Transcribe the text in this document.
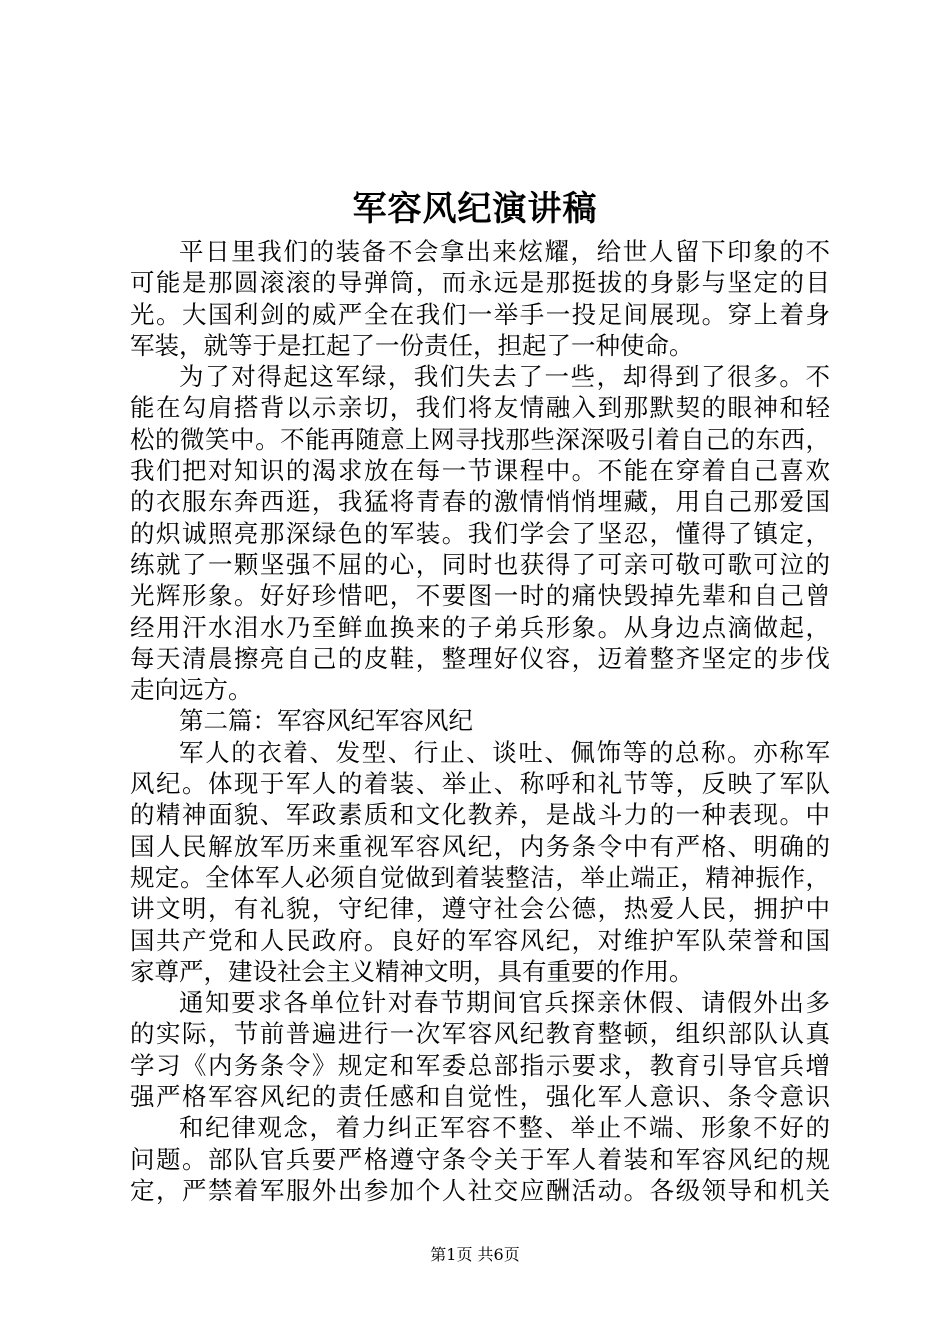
军容风纪演讲稿
平日里我们的装备不会拿出来炫耀，给世人留下印象的不
可能是那圆滚滚的导弹筒，而永远是那挺拔的身影与坚定的目
光。大国利剑的威严全在我们一举手一投足间展现。穿上着身
军装，就等于是扛起了一份责任，担起了一种使命。
为了对得起这军绿，我们失去了一些，却得到了很多。不
能在勾肩搭背以示亲切，我们将友情融入到那默契的眼神和轻
松的微笑中。不能再随意上网寻找那些深深吸引着自己的东西，
我们把对知识的渴求放在每一节课程中。不能在穿着自己喜欢
的衣服东奔西逛，我猛将青春的激情悄悄埋藏，用自己那爱国
的炽诚照亮那深绿色的军装。我们学会了坚忍，懂得了镇定，
练就了一颗坚强不屈的心，同时也获得了可亲可敬可歌可泣的
光辉形象。好好珍惜吧，不要图一时的痛快毁掉先辈和自己曾
经用汗水泪水乃至鲜血换来的子弟兵形象。从身边点滴做起，
每天清晨擦亮自己的皮鞋，整理好仪容，迈着整齐坚定的步伐
走向远方。
第二篇：军容风纪军容风纪
军人的衣着、发型、行止、谈吐、佩饰等的总称。亦称军
风纪。体现于军人的着装、举止、称呼和礼节等，反映了军队
的精神面貌、军政素质和文化教养，是战斗力的一种表现。中
国人民解放军历来重视军容风纪，内务条令中有严格、明确的
规定。全体军人必须自觉做到着装整洁，举止端正，精神振作，
讲文明，有礼貌，守纪律，遵守社会公德，热爱人民，拥护中
国共产党和人民政府。良好的军容风纪，对维护军队荣誉和国
家尊严，建设社会主义精神文明，具有重要的作用。
通知要求各单位针对春节期间官兵探亲休假、请假外出多
的实际，节前普遍进行一次军容风纪教育整顿，组织部队认真
学习《内务条令》规定和军委总部指示要求，教育引导官兵增
强严格军容风纪的责任感和自觉性，强化军人意识、条令意识
和纪律观念，着力纠正军容不整、举止不端、形象不好的
问题。部队官兵要严格遵守条令关于军人着装和军容风纪的规
定，严禁着军服外出参加个人社交应酬活动。各级领导和机关
第1页 共6页
